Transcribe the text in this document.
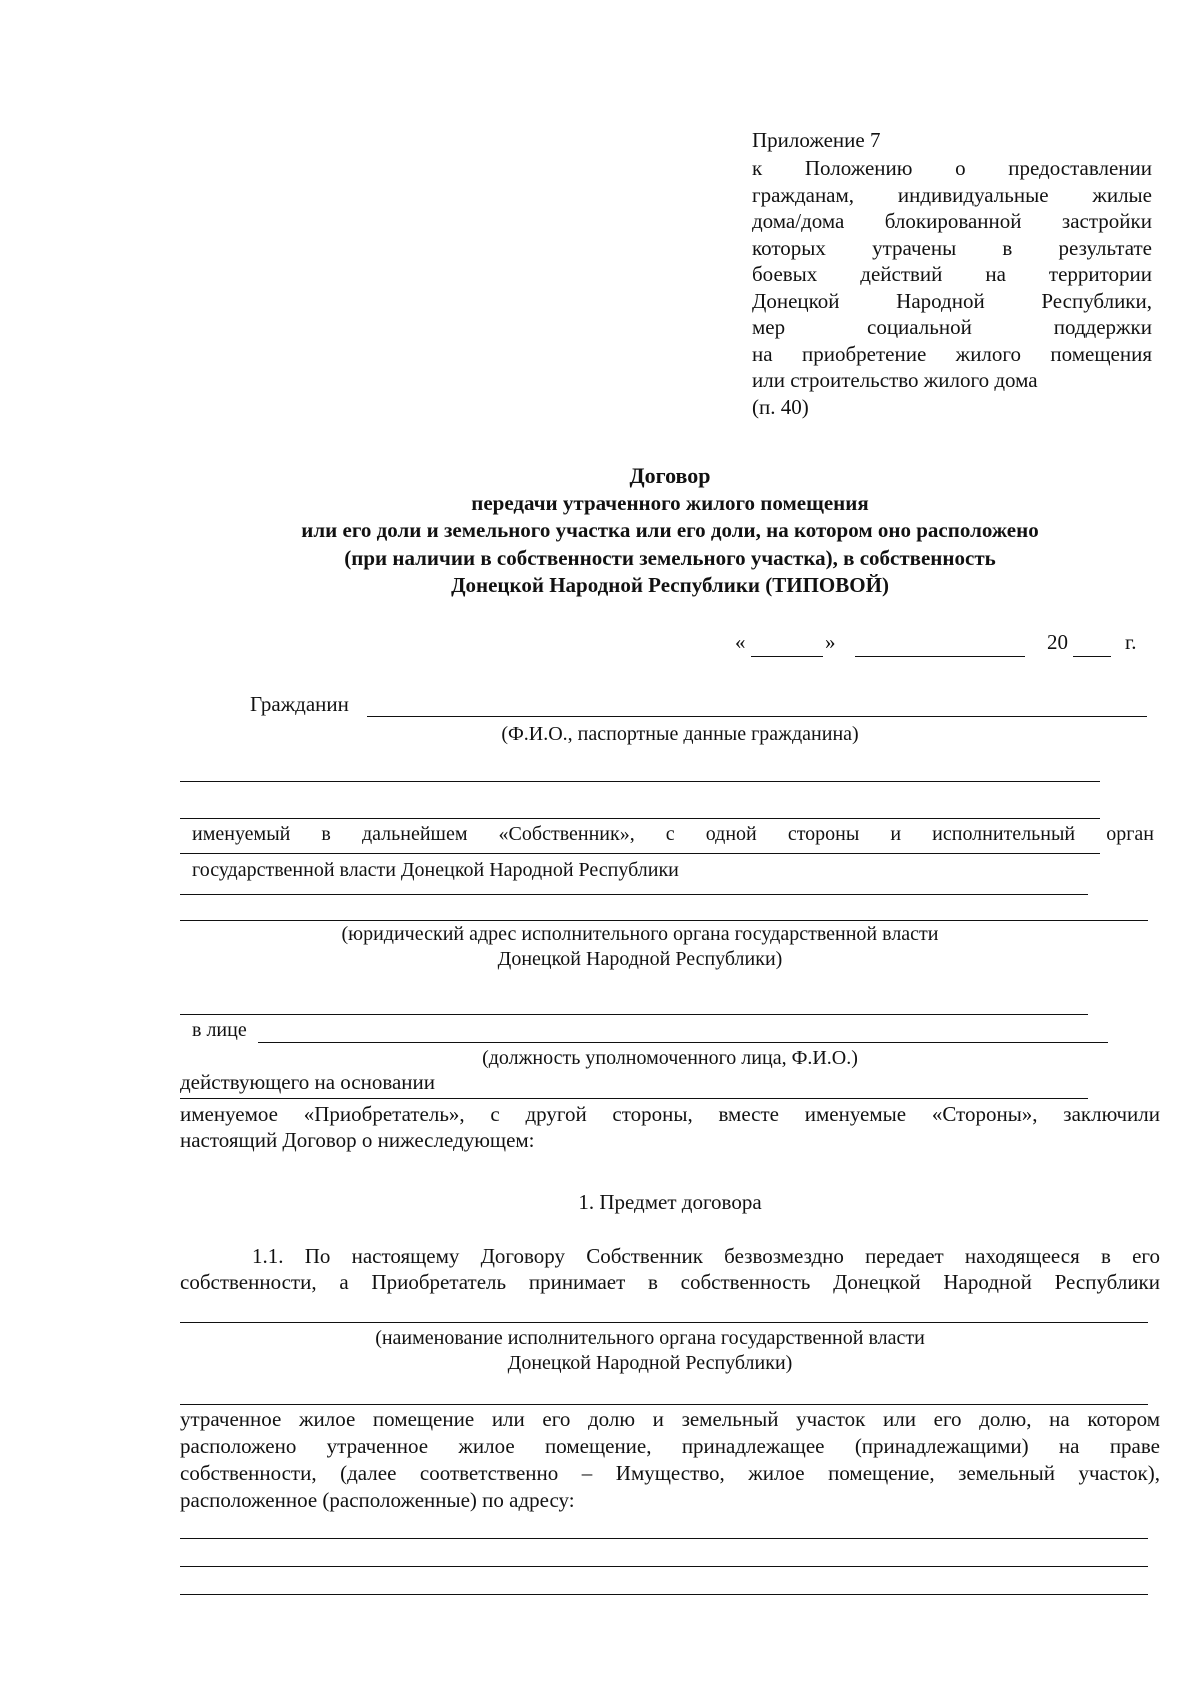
Приложение 7
к Положению о предоставлении
гражданам, индивидуальные жилые
дома/дома блокированной застройки
которых утрачены в результате
боевых действий на территории
Донецкой Народной Республики,
мер социальной поддержки
на приобретение жилого помещения
или строительство жилого дома
(п. 40)
Договор
передачи утраченного жилого помещения
или его доли и земельного участка или его доли, на котором оно расположено
(при наличии в собственности земельного участка), в собственность
Донецкой Народной Республики (ТИПОВОЙ)
«	»	20	г.
Гражданин
(Ф.И.О., паспортные данные гражданина)
именуемый в дальнейшем «Собственник», с одной стороны и исполнительный орган
государственной власти Донецкой Народной Республики
(юридический адрес исполнительного органа государственной власти
Донецкой Народной Республики)
в лице
(должность уполномоченного лица, Ф.И.О.)
действующего на основании
именуемое «Приобретатель», с другой стороны, вместе именуемые «Стороны», заключили
настоящий Договор о нижеследующем:
1. Предмет договора
1.1. По настоящему Договору Собственник безвозмездно передает находящееся в его
собственности, а Приобретатель принимает в собственность Донецкой Народной Республики
(наименование исполнительного органа государственной власти
Донецкой Народной Республики)
утраченное жилое помещение или его долю и земельный участок или его долю, на котором
расположено утраченное жилое помещение, принадлежащее (принадлежащими) на праве
собственности, (далее соответственно – Имущество, жилое помещение, земельный участок),
расположенное (расположенные) по адресу:
